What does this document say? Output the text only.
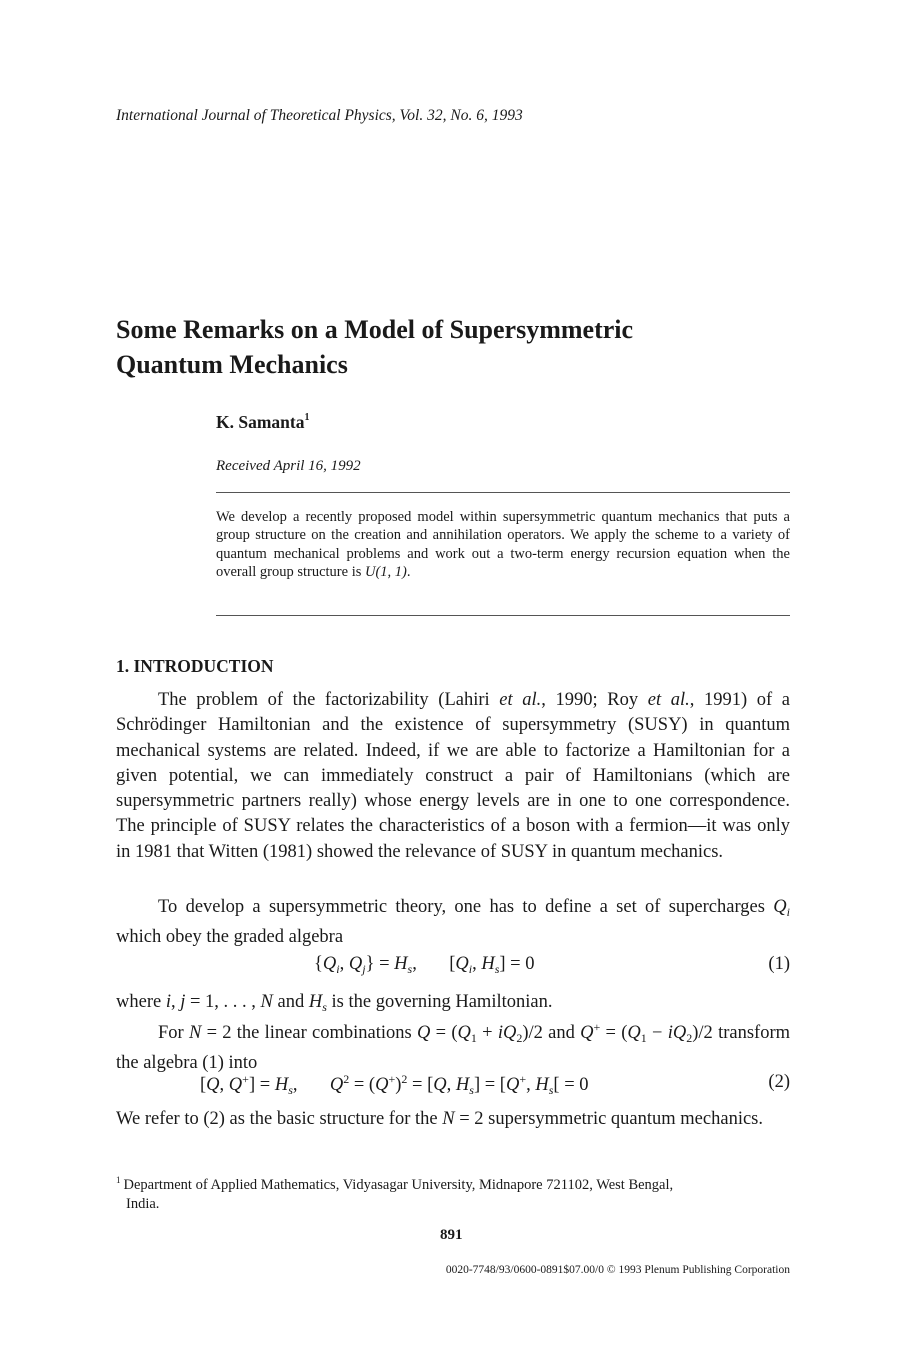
International Journal of Theoretical Physics, Vol. 32, No. 6, 1993
Some Remarks on a Model of Supersymmetric
Quantum Mechanics
K. Samanta$^1$
Received April 16, 1992
We develop a recently proposed model within supersymmetric quantum mechanics that puts a group structure on the creation and annihilation operators. We apply the scheme to a variety of quantum mechanical problems and work out a two-term energy recursion equation when the overall group structure is U(1, 1).
1. INTRODUCTION
The problem of the factorizability (Lahiri et al., 1990; Roy et al., 1991) of a Schrödinger Hamiltonian and the existence of supersymmetry (SUSY) in quantum mechanical systems are related. Indeed, if we are able to factorize a Hamiltonian for a given potential, we can immediately construct a pair of Hamiltonians (which are supersymmetric partners really) whose energy levels are in one to one correspondence. The principle of SUSY relates the characteristics of a boson with a fermion—it was only in 1981 that Witten (1981) showed the relevance of SUSY in quantum mechanics.
To develop a supersymmetric theory, one has to define a set of supercharges $Q_i$ which obey the graded algebra
{$Q_i$, $Q_j\} = H_s$,       [$Q_i$, $H_s] = 0$	(1)
where i, j = 1, . . . , N and $H_s$ is the governing Hamiltonian.
For N = 2 the linear combinations $Q = (Q_1 + iQ_2)/2$ and $Q^+ = (Q_1 - iQ_2)/2$ transform the algebra (1) into
[Q, $Q^+] = H_s$,       $Q^2 = (Q^+)^2 = [Q$, $H_s] = [Q^+$, $H_s[ = 0$	(2)
We refer to (2) as the basic structure for the N = 2 supersymmetric quantum mechanics.
$^1$ Department of Applied Mathematics, Vidyasagar University, Midnapore 721102, West Bengal,
India.
891
0020-7748/93/0600-0891$07.00/0 © 1993 Plenum Publishing Corporation
